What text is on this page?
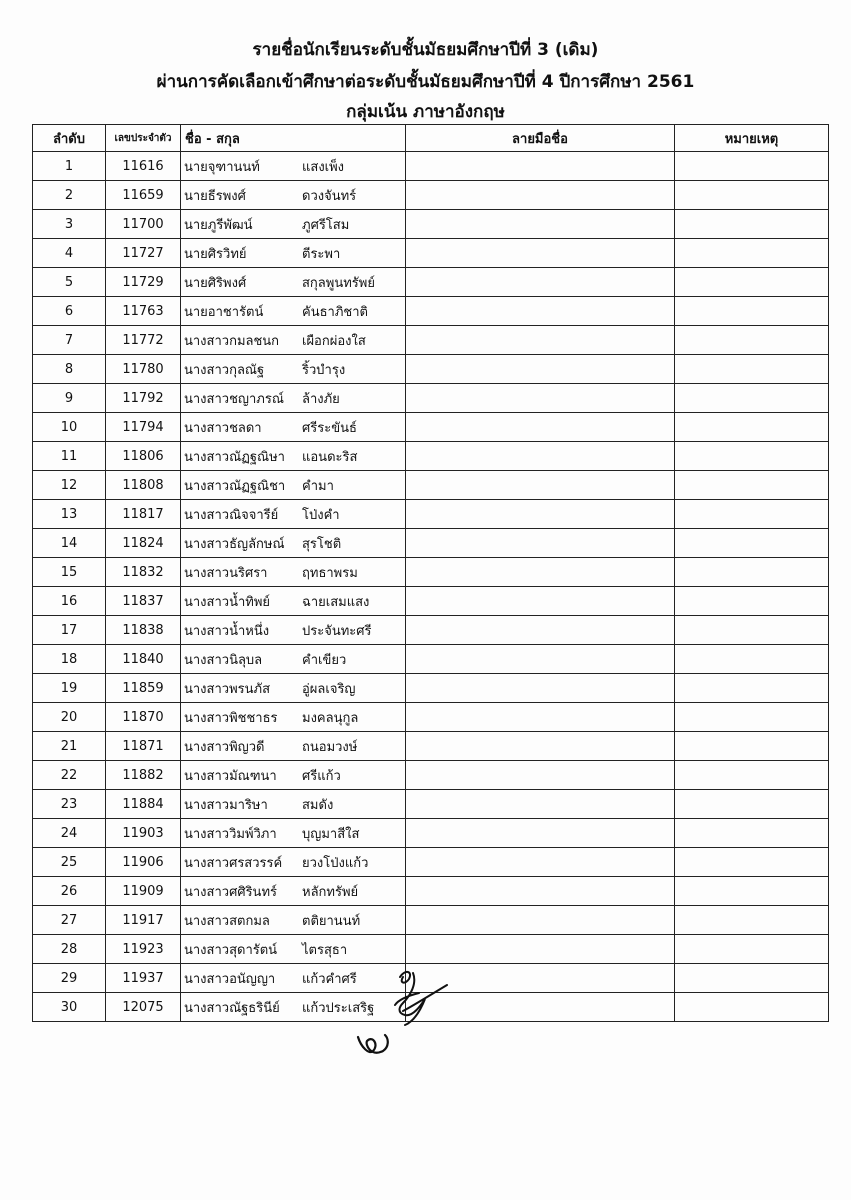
รายชื่อนักเรียนระดับชั้นมัธยมศึกษาปีที่ 3 (เดิม)
ผ่านการคัดเลือกเข้าศึกษาต่อระดับชั้นมัธยมศึกษาปีที่ 4 ปีการศึกษา 2561
กลุ่มเน้น ภาษาอังกฤษ
ลำดับ	เลขประจำตัว	ชื่อ - สกุล	ลายมือชื่อ	หมายเหตุ
1	11616	นายจุฑานนท์ แสงเพ็ง		
2	11659	นายธีรพงศ์ ดวงจันทร์		
3	11700	นายภูรีพัฒน์ ภูศรีโสม		
4	11727	นายศิรวิทย์ ตีระพา		
5	11729	นายศิริพงศ์ สกุลพูนทรัพย์		
6	11763	นายอาชารัตน์ คันธาภิชาติ		
7	11772	นางสาวกมลชนก เผือกผ่องใส		
8	11780	นางสาวกุลณัฐ ริ้วบำรุง		
9	11792	นางสาวชญาภรณ์ ล้างภัย		
10	11794	นางสาวชลดา ศรีระขันธ์		
11	11806	นางสาวณัฏฐณิษา แอนดะริส		
12	11808	นางสาวณัฏฐณิชา คำมา		
13	11817	นางสาวณิจจารีย์ โป่งคำ		
14	11824	นางสาวธัญลักษณ์ สุรโชติ		
15	11832	นางสาวนริศรา ฤทธาพรม		
16	11837	นางสาวน้ำทิพย์ ฉายเสมแสง		
17	11838	นางสาวน้ำหนึ่ง ประจันทะศรี		
18	11840	นางสาวนิลุบล คำเขียว		
19	11859	นางสาวพรนภัส อู่ผลเจริญ		
20	11870	นางสาวพิชชาธร มงคลนุกูล		
21	11871	นางสาวพิญวดี ถนอมวงษ์		
22	11882	นางสาวมัณฑนา ศรีแก้ว		
23	11884	นางสาวมาริษา สมดัง		
24	11903	นางสาววิมพ์วิภา บุญมาสีใส		
25	11906	นางสาวศรสวรรค์ ยวงโป่งแก้ว		
26	11909	นางสาวศศิรินทร์ หลักทรัพย์		
27	11917	นางสาวสตกมล ตติยานนท์		
28	11923	นางสาวสุดารัตน์ ไตรสุธา		
29	11937	นางสาวอนัญญา แก้วคำศรี		
30	12075	นางสาวณัฐธรินีย์ แก้วประเสริฐ		
